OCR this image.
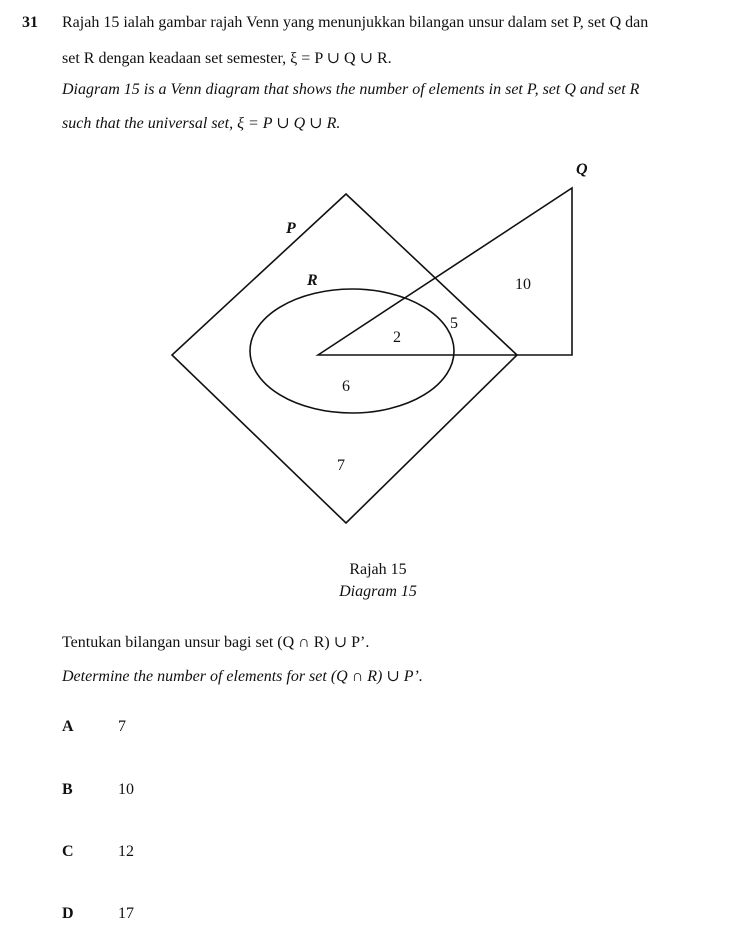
31 Rajah 15 ialah gambar rajah Venn yang menunjukkan bilangan unsur dalam set P, set Q dan
set R dengan keadaan set semester, ξ = P ∪ Q ∪ R.
Diagram 15 is a Venn diagram that shows the number of elements in set P, set Q and set R
such that the universal set, ξ = P ∪ Q ∪ R.
Q
P
R	10
5
2
6
7
Rajah 15
Diagram 15
Tentukan bilangan unsur bagi set (Q ∩ R) ∪ P’.
Determine the number of elements for set (Q ∩ R) ∪ P’.
A	7
B	10
C	12
D	17
